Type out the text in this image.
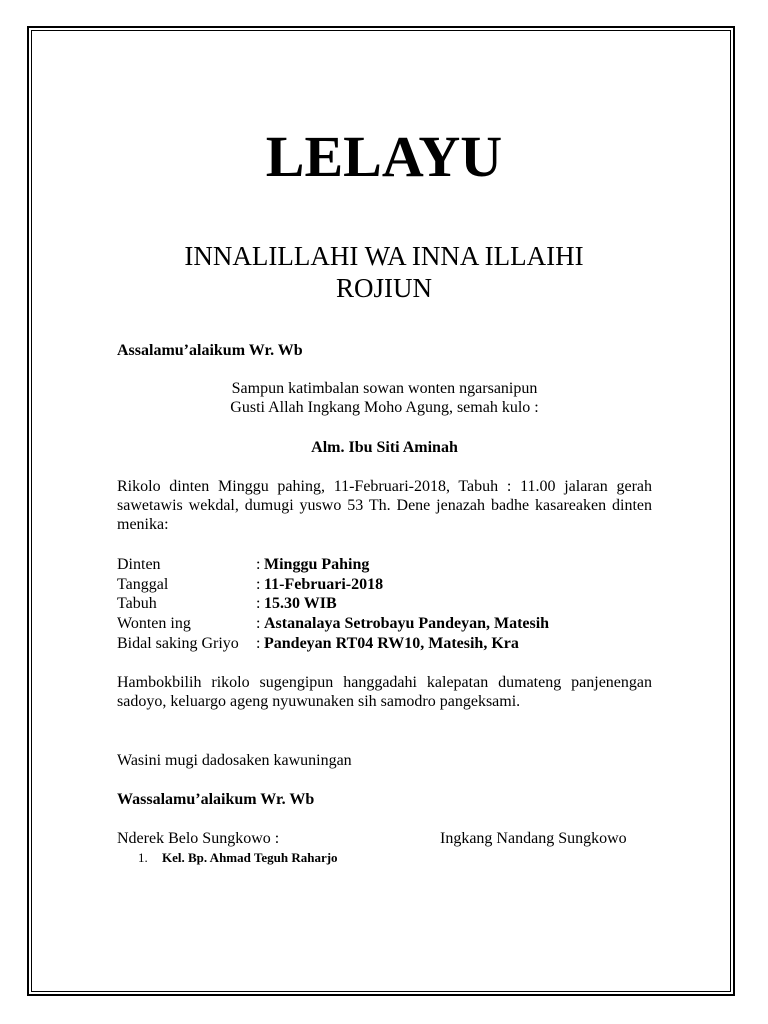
LELAYU
INNALILLAHI WA INNA ILLAIHI
ROJIUN
Assalamu’alaikum Wr. Wb
Sampun katimbalan sowan wonten ngarsanipun
Gusti Allah Ingkang Moho Agung, semah kulo :
Alm. Ibu Siti Aminah
Rikolo dinten Minggu pahing, 11-Februari-2018, Tabuh : 11.00 jalaran gerah sawetawis wekdal, dumugi yuswo 53 Th. Dene jenazah badhe kasareaken dinten menika:
Dinten	: Minggu Pahing
Tanggal	: 11-Februari-2018
Tabuh	: 15.30 WIB
Wonten ing	: Astanalaya Setrobayu Pandeyan, Matesih
Bidal saking Griyo : Pandeyan RT04 RW10, Matesih, Kra
Hambokbilih rikolo sugengipun hanggadahi kalepatan dumateng panjenengan sadoyo, keluargo ageng nyuwunaken sih samodro pangeksami.
Wasini mugi dadosaken kawuningan
Wassalamu’alaikum Wr. Wb
Nderek Belo Sungkowo :	Ingkang Nandang Sungkowo
1. Kel. Bp. Ahmad Teguh Raharjo
